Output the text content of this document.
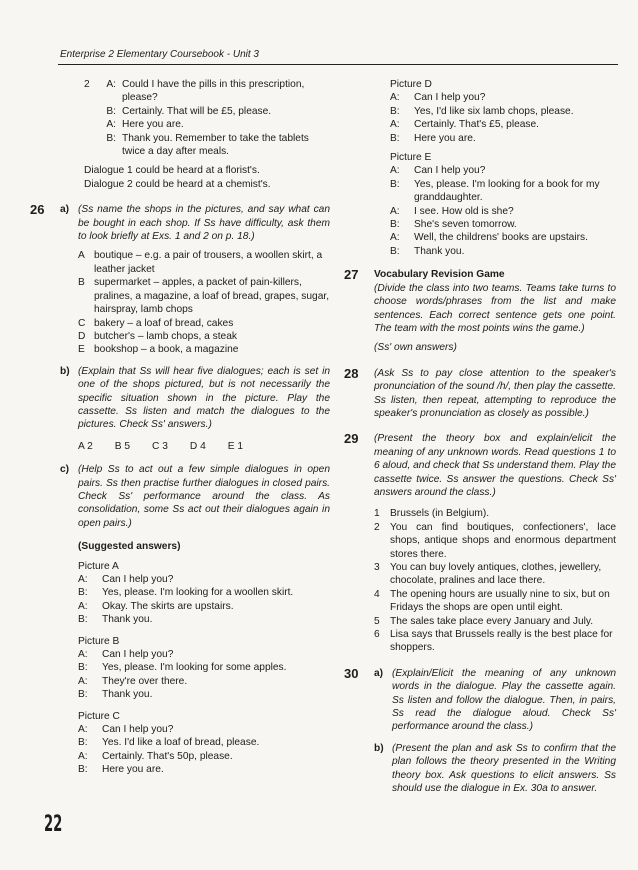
Enterprise 2 Elementary Coursebook - Unit 3
2	A: Could I have the pills in this prescription, please?
B: Certainly. That will be £5, please.
A: Here you are.
B: Thank you. Remember to take the tablets twice a day after meals.

Dialogue 1 could be heard at a florist's.

Dialogue 2 could be heard at a chemist's.

26 a) (Ss name the shops in the pictures, and say what can be bought in each shop. If Ss have difficulty, ask them to look briefly at Exs. 1 and 2 on p. 18.)

A boutique – e.g. a pair of trousers, a woollen skirt, a leather jacket
B supermarket – apples, a packet of pain-killers, pralines, a magazine, a loaf of bread, grapes, sugar, hairspray, lamb chops
C bakery – a loaf of bread, cakes
D butcher's – lamb chops, a steak
E bookshop – a book, a magazine
b) (Explain that Ss will hear five dialogues; each is set in one of the shops pictured, but is not necessarily the specific situation shown in the picture. Play the cassette. Ss listen and match the dialogues to the pictures. Check Ss' answers.)

A 2 B 5 C 3 D 4 E 1
c) (Help Ss to act out a few simple dialogues in open pairs. Ss then practise further dialogues in closed pairs. Check Ss' performance around the class. As consolidation, some Ss act out their dialogues again in open pairs.)

(Suggested answers)

Picture A

A:	Can I help you?
B:	Yes, please. I'm looking for a woollen skirt.
A:	Okay. The skirts are upstairs.
B:	Thank you.

Picture B

A:	Can I help you?
B:	Yes, please. I'm looking for some apples.
A:	They're over there.
B:	Thank you.

Picture C

A:	Can I help you?
B:	Yes. I'd like a loaf of bread, please.
A:	Certainly. That's 50p, please.
B:	Here you are.

Picture D

A:	Can I help you?
B:	Yes, I'd like six lamb chops, please.
A:	Certainly. That's £5, please.
B:	Here you are.

Picture E

A:	Can I help you?
B:	Yes, please. I'm looking for a book for my granddaughter.
A:	I see. How old is she?
B:	She's seven tomorrow.
A:	Well, the childrens' books are upstairs.
B:	Thank you.
27 Vocabulary Revision Game

(Divide the class into two teams. Teams take turns to choose words/phrases from the list and make sentences. Each correct sentence gets one point. The team with the most points wins the game.)

(Ss' own answers)

28 (Ask Ss to pay close attention to the speaker's pronunciation of the sound /h/, then play the cassette. Ss listen, then repeat, attempting to reproduce the speaker's pronunciation as closely as possible.)

29 (Present the theory box and explain/elicit the meaning of any unknown words. Read questions 1 to 6 aloud, and check that Ss understand them. Play the cassette twice. Ss answer the questions. Check Ss' answers around the class.)

1	Brussels (in Belgium).
2	You can find boutiques, confectioners', lace shops, antique shops and enormous department stores there.
3	You can buy lovely antiques, clothes, jewellery, chocolate, pralines and lace there.
4	The opening hours are usually nine to six, but on Fridays the shops are open until eight.
5	The sales take place every January and July.
6	Lisa says that Brussels really is the best place for shoppers.
30 a) (Explain/Elicit the meaning of any unknown words in the dialogue. Play the cassette again. Ss listen and follow the dialogue. Then, in pairs, Ss read the dialogue aloud. Check Ss' performance around the class.)

b) (Present the plan and ask Ss to confirm that the plan follows the theory presented in the Writing theory box. Ask questions to elicit answers. Ss should use the dialogue in Ex. 30a to answer.

22
